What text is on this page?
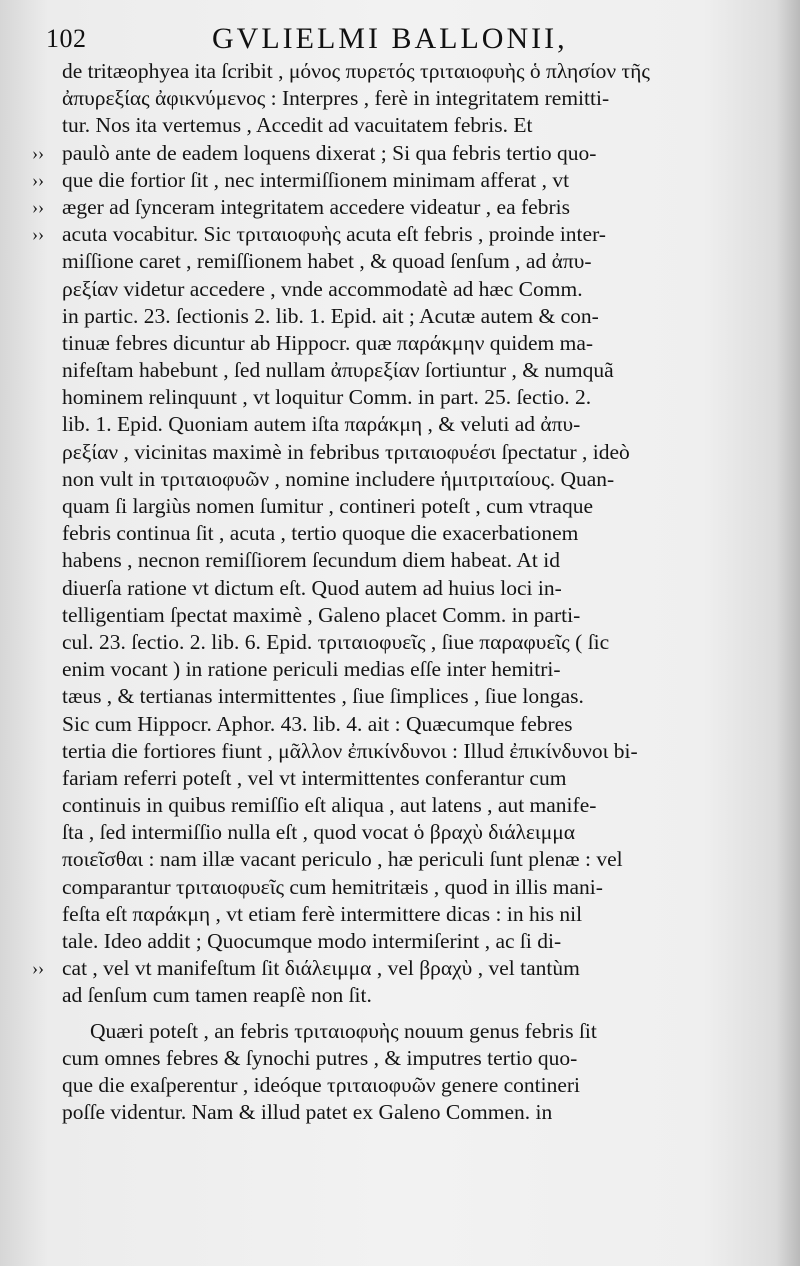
102	GVLIELMI BALLONII,
de tritæophyea ita ſcribit , μόνος πυρετός τριταιοφυὴς ὁ πλησίον τῆς
ἀπυρεξίας ἀφικνύμενος : Interpres , ferè in integritatem remitti-
tur. Nos ita vertemus , Accedit ad vacuitatem febris. Et
›› paulò ante de eadem loquens dixerat ; Si qua febris tertio quo-
›› que die fortior ſit , nec intermiſſionem minimam afferat , vt
›› æger ad ſynceram integritatem accedere videatur , ea febris
›› acuta vocabitur. Sic τριταιοφυὴς acuta eſt febris , proinde inter-
miſſione caret , remiſſionem habet , & quoad ſenſum , ad ἀπυ-
ρεξίαν videtur accedere , vnde accommodatè ad hæc Comm.
in partic. 23. ſectionis 2. lib. 1. Epid. ait ; Acutæ autem & con-
tinuæ febres dicuntur ab Hippocr. quæ παράκμην quidem ma-
nifeſtam habebunt , ſed nullam ἀπυρεξίαν ſortiuntur , & numquã
hominem relinquunt , vt loquitur Comm. in part. 25. ſectio. 2.
lib. 1. Epid. Quoniam autem iſta παράκμη , & veluti ad ἀπυ-
ρεξίαν , vicinitas maximè in febribus τριταιοφυέσι ſpectatur , ideò
non vult in τριταιοφυῶν , nomine includere ἡμιτριταίους. Quan-
quam ſi largiùs nomen ſumitur , contineri poteſt , cum vtraque
febris continua ſit , acuta , tertio quoque die exacerbationem
habens , necnon remiſſiorem ſecundum diem habeat. At id
diuerſa ratione vt dictum eſt. Quod autem ad huius loci in-
telligentiam ſpectat maximè , Galeno placet Comm. in parti-
cul. 23. ſectio. 2. lib. 6. Epid. τριταιοφυεῖς , ſiue παραφυεῖς ( ſic
enim vocant ) in ratione periculi medias eſſe inter hemitri-
tæus , & tertianas intermittentes , ſiue ſimplices , ſiue longas.
Sic cum Hippocr. Aphor. 43. lib. 4. ait : Quæcumque febres
tertia die fortiores fiunt , μᾶλλον ἐπικίνδυνοι : Illud ἐπικίνδυνοι bi-
fariam referri poteſt , vel vt intermittentes conferantur cum
continuis in quibus remiſſio eſt aliqua , aut latens , aut manife-
ſta , ſed intermiſſio nulla eſt , quod vocat ὁ βραχὺ διάλειμμα
ποιεῖσθαι : nam illæ vacant periculo , hæ periculi ſunt plenæ : vel
comparantur τριταιοφυεῖς cum hemitritæis , quod in illis mani-
feſta eſt παράκμη , vt etiam ferè intermittere dicas : in his nil
tale. Ideo addit ; Quocumque modo intermiſerint , ac ſi di-
›› cat , vel vt manifeſtum ſit διάλειμμα , vel βραχὺ , vel tantùm
ad ſenſum cum tamen reapſè non ſit.
Quæri poteſt , an febris τριταιοφυὴς nouum genus febris ſit
cum omnes febres & ſynochi putres , & imputres tertio quo-
que die exaſperentur , ideóque τριταιοφυῶν genere contineri
poſſe videntur. Nam & illud patet ex Galeno Commen. in
